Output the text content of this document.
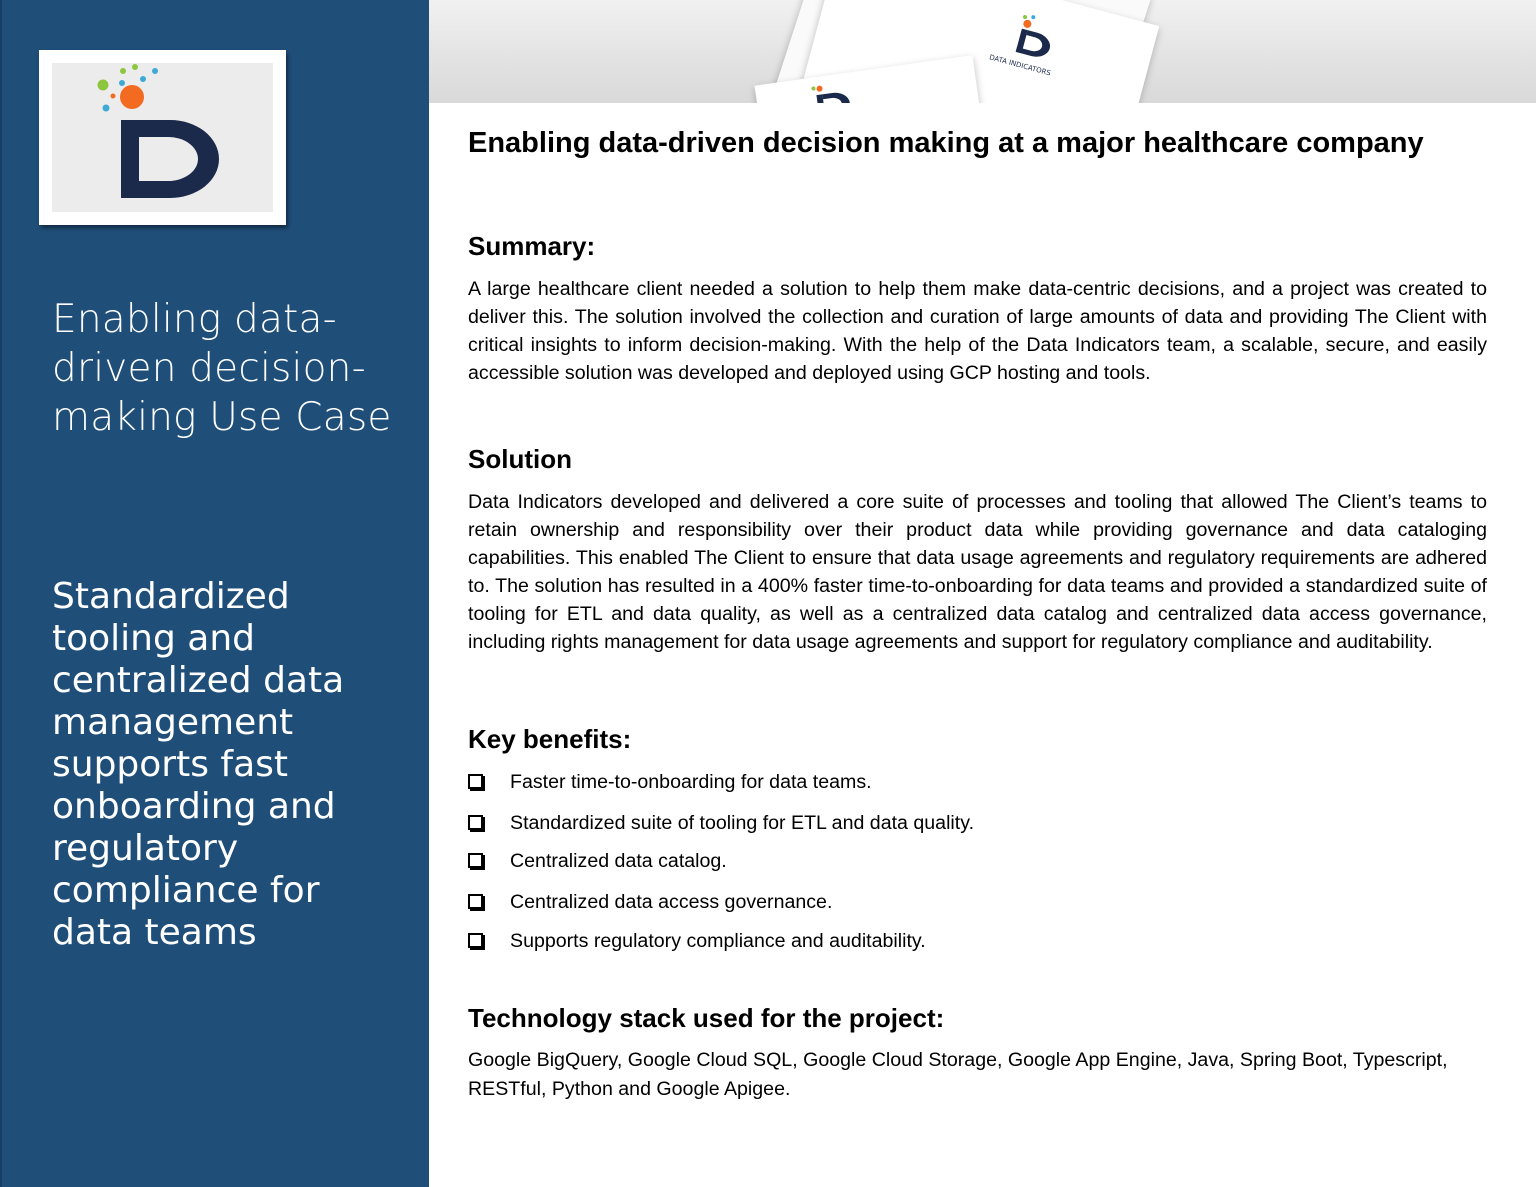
Enabling data-driven decision-making Use Case
Standardized tooling and centralized data management supports fast onboarding and regulatory compliance for data teams
DATA INDICATORS
Enabling data-driven decision making at a major healthcare company
Summary:
A large healthcare client needed a solution to help them make data-centric decisions, and a project was created to deliver this. The solution involved the collection and curation of large amounts of data and providing The Client with critical insights to inform decision-making. With the help of the Data Indicators team, a scalable, secure, and easily accessible solution was developed and deployed using GCP hosting and tools.
Solution
Data Indicators developed and delivered a core suite of processes and tooling that allowed The Client’s teams to retain ownership and responsibility over their product data while providing governance and data cataloging capabilities. This enabled The Client to ensure that data usage agreements and regulatory requirements are adhered to. The solution has resulted in a 400% faster time-to-onboarding for data teams and provided a standardized suite of tooling for ETL and data quality, as well as a centralized data catalog and centralized data access governance, including rights management for data usage agreements and support for regulatory compliance and auditability.
Key benefits:
Faster time-to-onboarding for data teams.
Standardized suite of tooling for ETL and data quality.
Centralized data catalog.
Centralized data access governance.
Supports regulatory compliance and auditability.
Technology stack used for the project:
Google BigQuery, Google Cloud SQL, Google Cloud Storage, Google App Engine, Java, Spring Boot, Typescript, RESTful, Python and Google Apigee.
